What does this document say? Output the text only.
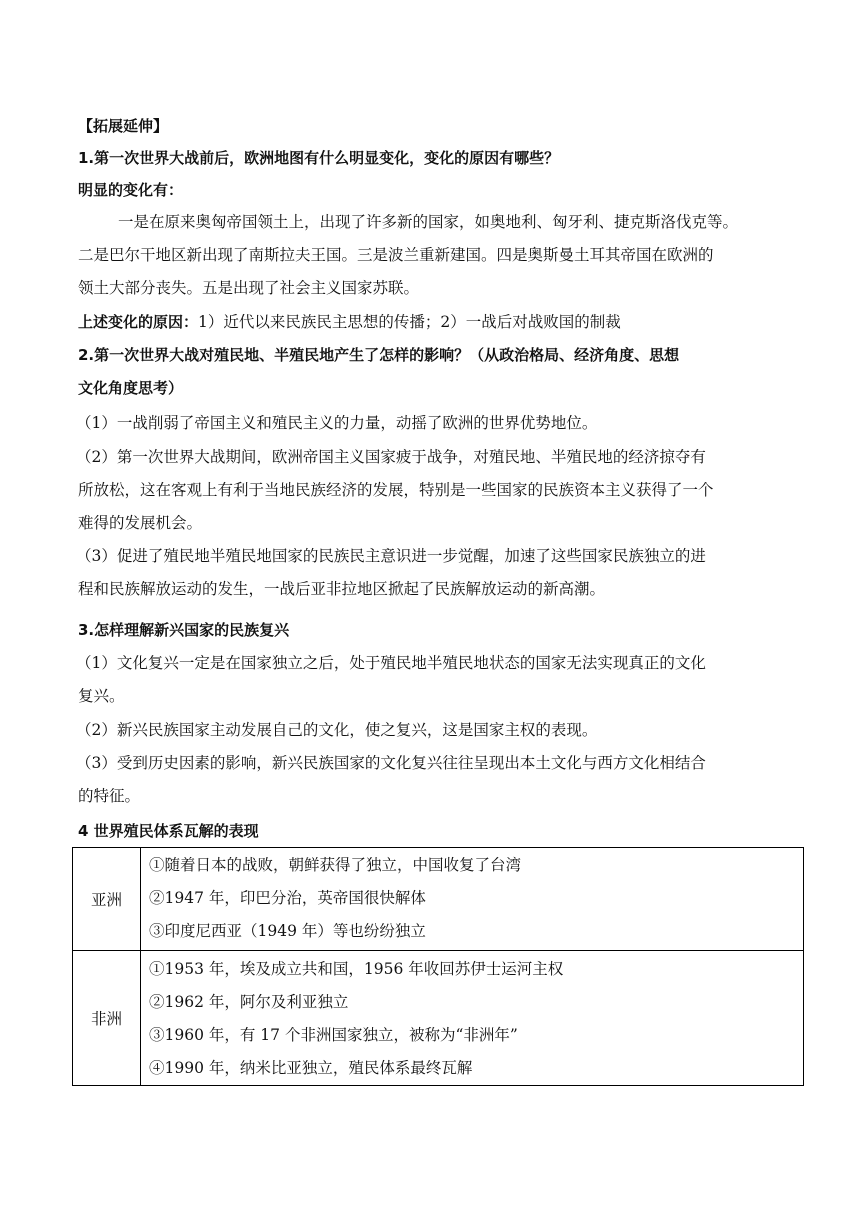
【拓展延伸】
1.第一次世界大战前后，欧洲地图有什么明显变化，变化的原因有哪些？
明显的变化有：
一是在原来奥匈帝国领土上，出现了许多新的国家，如奥地利、匈牙利、捷克斯洛伐克等。
二是巴尔干地区新出现了南斯拉夫王国。三是波兰重新建国。四是奥斯曼土耳其帝国在欧洲的
领土大部分丧失。五是出现了社会主义国家苏联。
上述变化的原因：1）近代以来民族民主思想的传播；2）一战后对战败国的制裁
2.第一次世界大战对殖民地、半殖民地产生了怎样的影响？（从政治格局、经济角度、思想
文化角度思考）
（1）一战削弱了帝国主义和殖民主义的力量，动摇了欧洲的世界优势地位。
（2）第一次世界大战期间，欧洲帝国主义国家疲于战争，对殖民地、半殖民地的经济掠夺有
所放松，这在客观上有利于当地民族经济的发展，特别是一些国家的民族资本主义获得了一个
难得的发展机会。
（3）促进了殖民地半殖民地国家的民族民主意识进一步觉醒，加速了这些国家民族独立的进
程和民族解放运动的发生，一战后亚非拉地区掀起了民族解放运动的新高潮。
3.怎样理解新兴国家的民族复兴
（1）文化复兴一定是在国家独立之后，处于殖民地半殖民地状态的国家无法实现真正的文化
复兴。
（2）新兴民族国家主动发展自己的文化，使之复兴，这是国家主权的表现。
（3）受到历史因素的影响，新兴民族国家的文化复兴往往呈现出本土文化与西方文化相结合
的特征。
4 世界殖民体系瓦解的表现
亚洲
①随着日本的战败，朝鲜获得了独立，中国收复了台湾
②1947 年，印巴分治，英帝国很快解体
③印度尼西亚（1949 年）等也纷纷独立
非洲
①1953 年，埃及成立共和国，1956 年收回苏伊士运河主权
②1962 年，阿尔及利亚独立
③1960 年，有 17 个非洲国家独立，被称为“非洲年”
④1990 年，纳米比亚独立，殖民体系最终瓦解
